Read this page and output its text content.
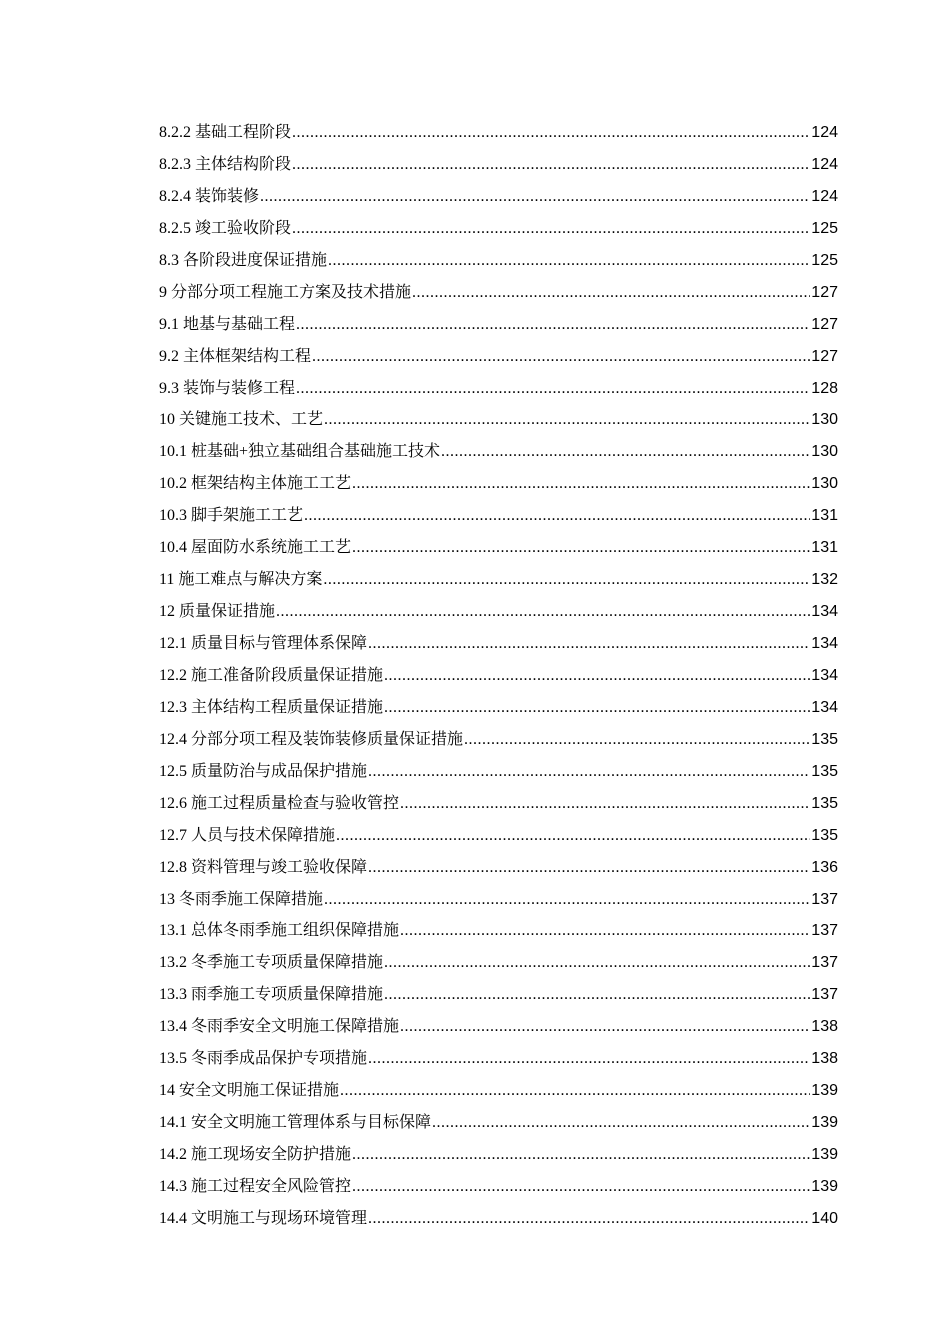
8.2.2 基础工程阶段 .....	124
8.2.3 主体结构阶段 .....	124
8.2.4 装饰装修 .....	124
8.2.5 竣工验收阶段 .....	125
8.3 各阶段进度保证措施 .....	125
9 分部分项工程施工方案及技术措施 .....	127
9.1 地基与基础工程 .....	127
9.2 主体框架结构工程 .....	127
9.3 装饰与装修工程 .....	128
10 关键施工技术、工艺 .....	130
10.1 桩基础+独立基础组合基础施工技术 .....	130
10.2 框架结构主体施工工艺 .....	130
10.3 脚手架施工工艺 .....	131
10.4 屋面防水系统施工工艺 .....	131
11 施工难点与解决方案 .....	132
12 质量保证措施 .....	134
12.1 质量目标与管理体系保障 .....	134
12.2 施工准备阶段质量保证措施 .....	134
12.3 主体结构工程质量保证措施 .....	134
12.4 分部分项工程及装饰装修质量保证措施 .....	135
12.5 质量防治与成品保护措施 .....	135
12.6 施工过程质量检查与验收管控 .....	135
12.7 人员与技术保障措施 .....	135
12.8 资料管理与竣工验收保障 .....	136
13 冬雨季施工保障措施 .....	137
13.1 总体冬雨季施工组织保障措施 .....	137
13.2 冬季施工专项质量保障措施 .....	137
13.3 雨季施工专项质量保障措施 .....	137
13.4 冬雨季安全文明施工保障措施 .....	138
13.5 冬雨季成品保护专项措施 .....	138
14 安全文明施工保证措施 .....	139
14.1 安全文明施工管理体系与目标保障 .....	139
14.2 施工现场安全防护措施 .....	139
14.3 施工过程安全风险管控 .....	139
14.4 文明施工与现场环境管理 .....	140
